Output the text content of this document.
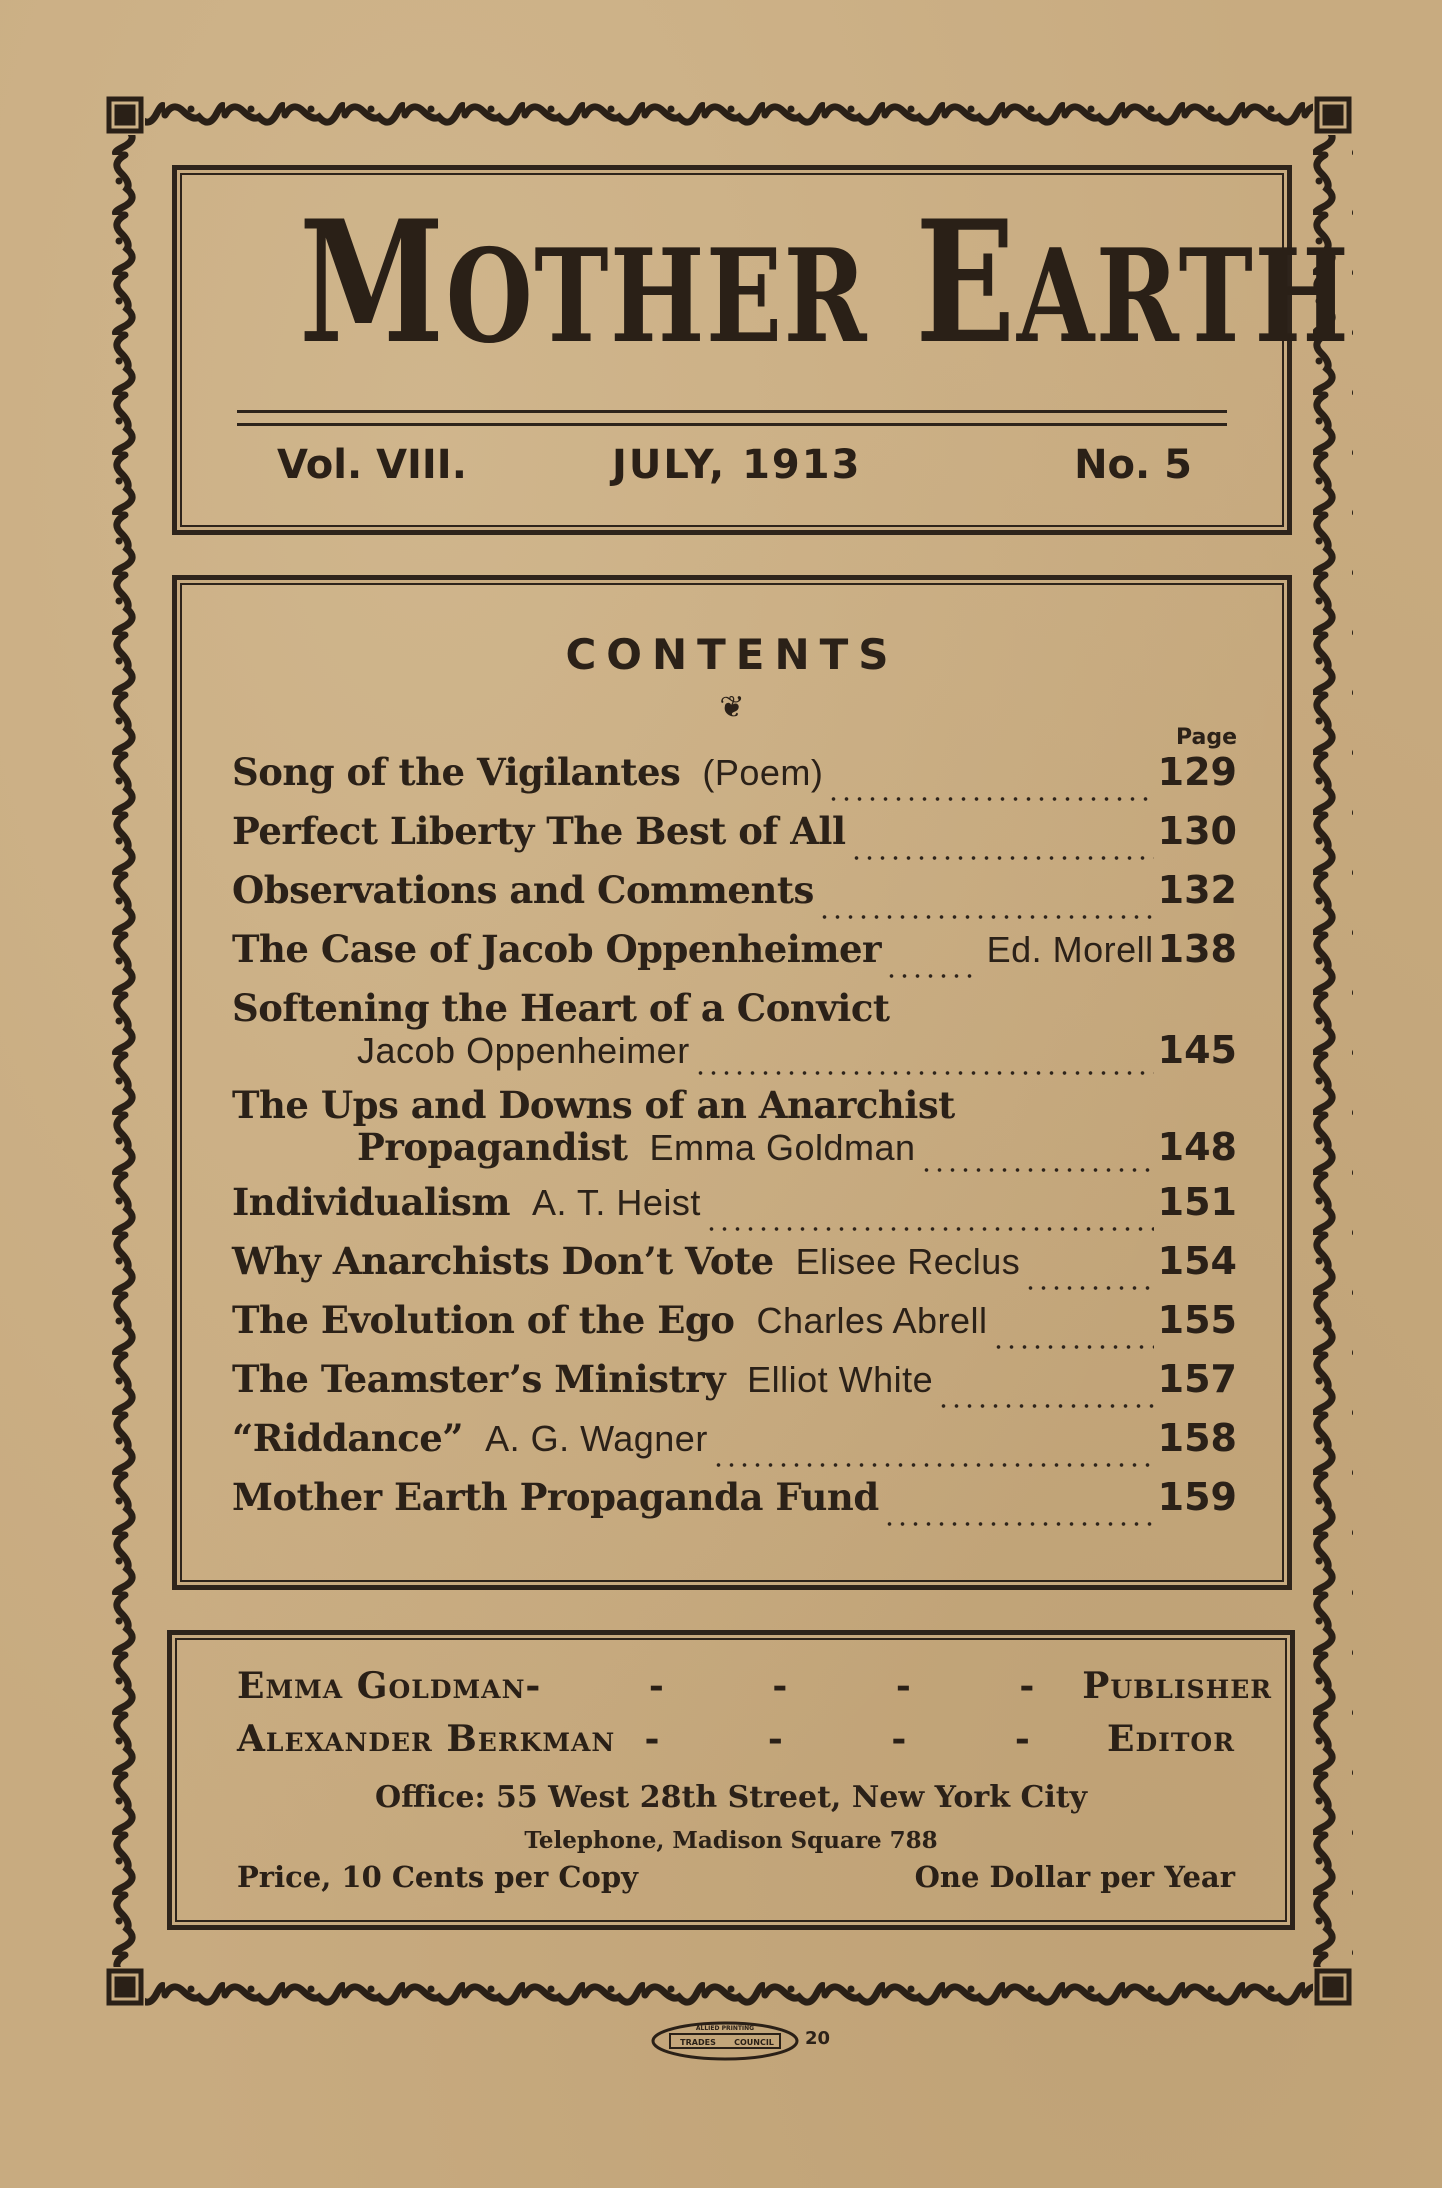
MOTHER EARTH
Vol. VIII.	JULY, 1913	No. 5
CONTENTS
❦
Page
Song of the Vigilantes (Poem)	129
Perfect Liberty The Best of All	130
Observations and Comments	132
The Case of Jacob Oppenheimer	Ed. Morell 138
Softening the Heart of a Convict
Jacob Oppenheimer	145
The Ups and Downs of an Anarchist
Propagandist Emma Goldman	148
Individualism A. T. Heist	151
Why Anarchists Don’t Vote Elisee Reclus	154
The Evolution of the Ego Charles Abrell	155
The Teamster’s Ministry Elliot White	157
“Riddance” A. G. Wagner	158
Mother Earth Propaganda Fund	159
Emma Goldman - - - - - Publisher
Alexander Berkman - - - - Editor
Office: 55 West 28th Street, New York City
Telephone, Madison Square 788
Price, 10 Cents per Copy	One Dollar per Year
ALLIED PRINTING
TRADES COUNCIL 20
